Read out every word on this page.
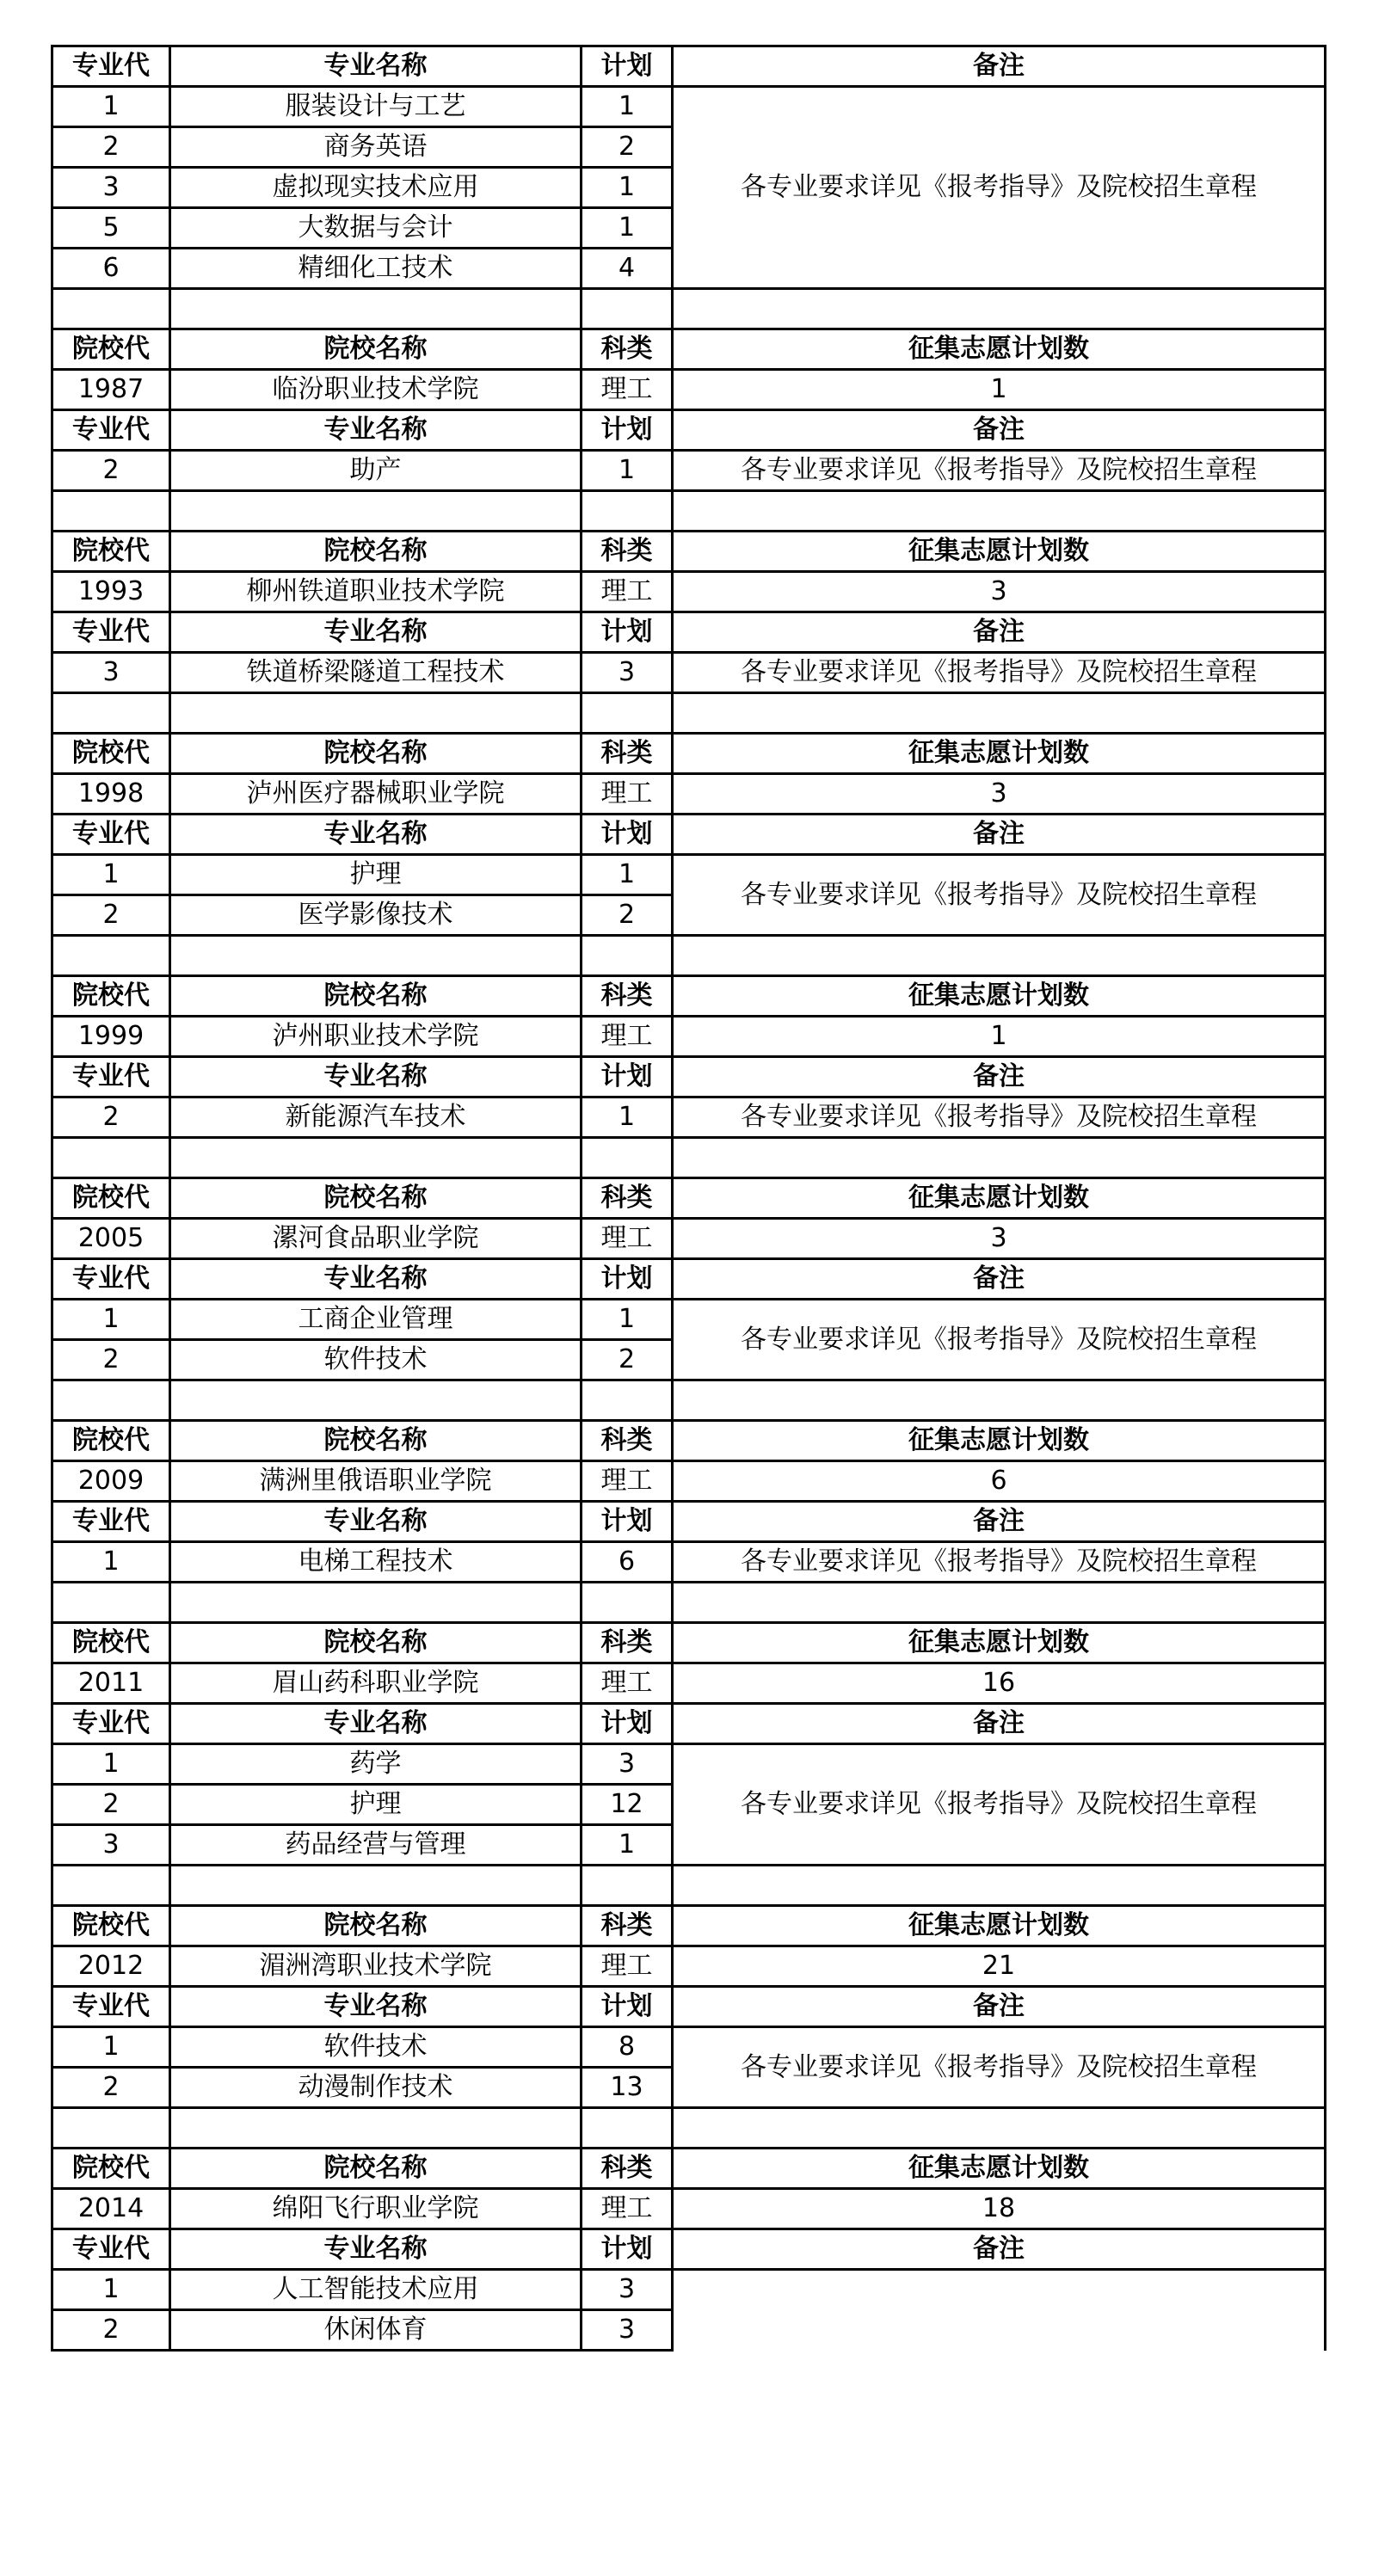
专业代	专业名称	计划	备注
1	服装设计与工艺	1	各专业要求详见《报考指导》及院校招生章程
2	商务英语	2	
3	虚拟现实技术应用	1	
5	大数据与会计	1	
6	精细化工技术	4	

院校代	院校名称	科类	征集志愿计划数
1987	临汾职业技术学院	理工	1
专业代	专业名称	计划	备注
2	助产	1	各专业要求详见《报考指导》及院校招生章程

院校代	院校名称	科类	征集志愿计划数
1993	柳州铁道职业技术学院	理工	3
专业代	专业名称	计划	备注
3	铁道桥梁隧道工程技术	3	各专业要求详见《报考指导》及院校招生章程

院校代	院校名称	科类	征集志愿计划数
1998	泸州医疗器械职业学院	理工	3
专业代	专业名称	计划	备注
1	护理	1	各专业要求详见《报考指导》及院校招生章程
2	医学影像技术	2	

院校代	院校名称	科类	征集志愿计划数
1999	泸州职业技术学院	理工	1
专业代	专业名称	计划	备注
2	新能源汽车技术	1	各专业要求详见《报考指导》及院校招生章程

院校代	院校名称	科类	征集志愿计划数
2005	漯河食品职业学院	理工	3
专业代	专业名称	计划	备注
1	工商企业管理	1	各专业要求详见《报考指导》及院校招生章程
2	软件技术	2	

院校代	院校名称	科类	征集志愿计划数
2009	满洲里俄语职业学院	理工	6
专业代	专业名称	计划	备注
1	电梯工程技术	6	各专业要求详见《报考指导》及院校招生章程

院校代	院校名称	科类	征集志愿计划数
2011	眉山药科职业学院	理工	16
专业代	专业名称	计划	备注
1	药学	3	各专业要求详见《报考指导》及院校招生章程
2	护理	12	
3	药品经营与管理	1	

院校代	院校名称	科类	征集志愿计划数
2012	湄洲湾职业技术学院	理工	21
专业代	专业名称	计划	备注
1	软件技术	8	各专业要求详见《报考指导》及院校招生章程
2	动漫制作技术	13	

院校代	院校名称	科类	征集志愿计划数
2014	绵阳飞行职业学院	理工	18
专业代	专业名称	计划	备注
1	人工智能技术应用	3	
2	休闲体育	3	
